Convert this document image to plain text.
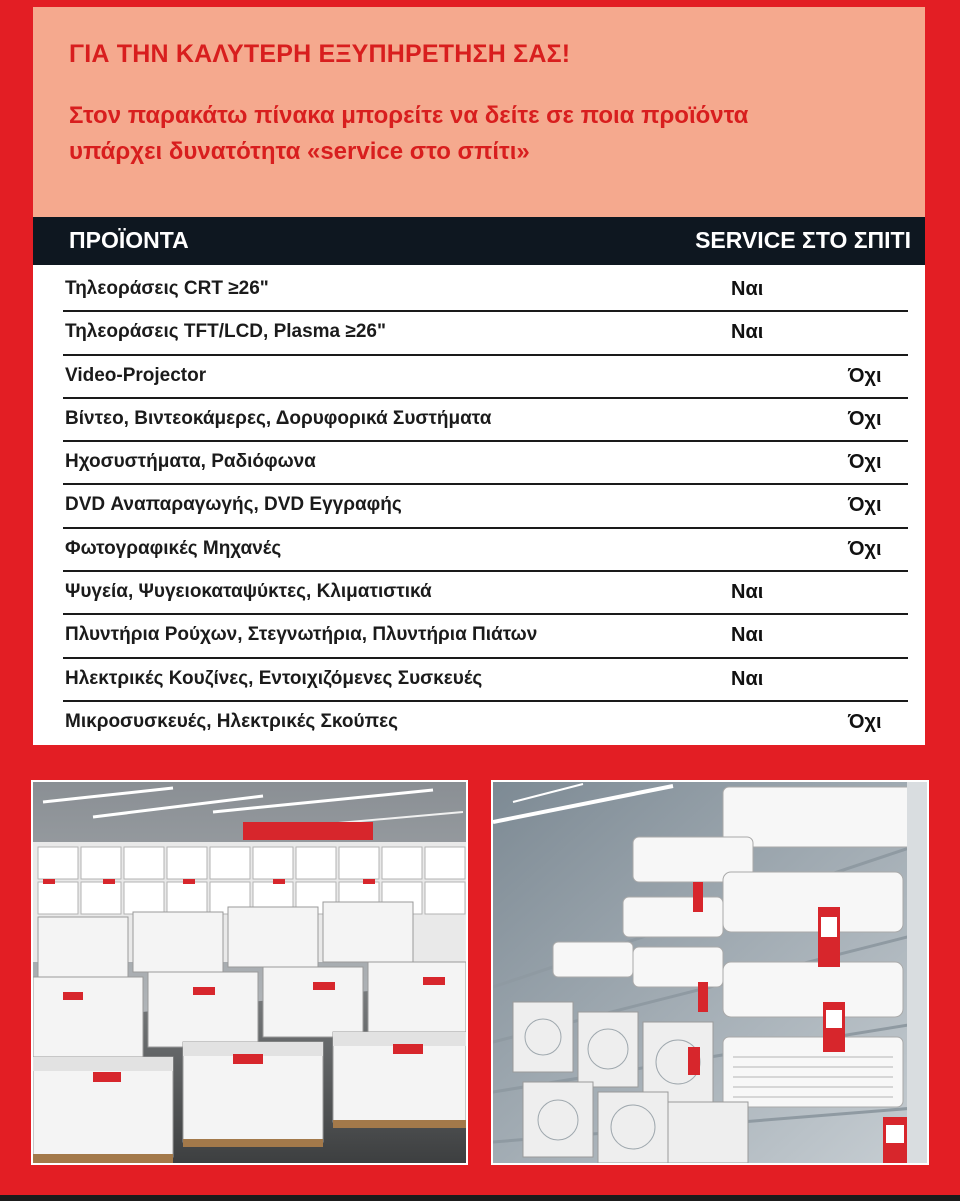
ΓΙΑ ΤΗΝ ΚΑΛΥΤΕΡΗ ΕΞΥΠΗΡΕΤΗΣΗ ΣΑΣ!
Στον παρακάτω πίνακα μπορείτε να δείτε σε ποια προϊόντα
υπάρχει δυνατότητα «service στο σπίτι»
ΠΡΟΪΟΝΤΑ	SERVICE ΣΤΟ ΣΠΙΤΙ
Τηλεοράσεις CRT ≥26"	Ναι
Τηλεοράσεις TFT/LCD, Plasma ≥26"	Ναι
Video-Projector	Όχι
Βίντεο, Βιντεοκάμερες, Δορυφορικά Συστήματα	Όχι
Ηχοσυστήματα, Ραδιόφωνα	Όχι
DVD Αναπαραγωγής, DVD Εγγραφής	Όχι
Φωτογραφικές Μηχανές	Όχι
Ψυγεία, Ψυγειοκαταψύκτες, Κλιματιστικά	Ναι
Πλυντήρια Ρούχων, Στεγνωτήρια, Πλυντήρια Πιάτων	Ναι
Ηλεκτρικές Κουζίνες, Εντοιχιζόμενες Συσκευές	Ναι
Μικροσυσκευές, Ηλεκτρικές Σκούπες	Όχι
